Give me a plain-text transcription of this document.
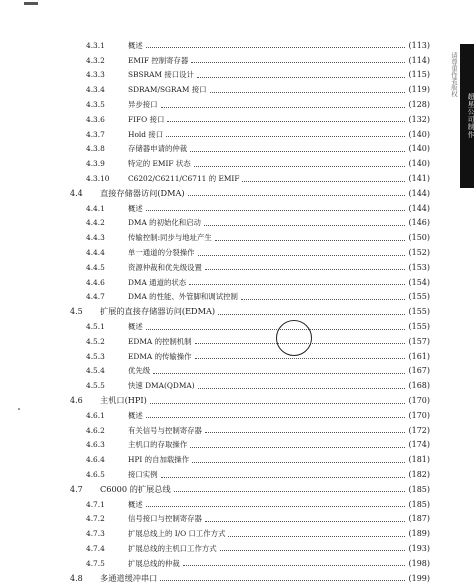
4.3.1	概述	(113)
4.3.2	EMIF 控制寄存器	(114)
4.3.3	SBSRAM 接口设计	(115)
4.3.4	SDRAM/SGRAM 接口	(119)
4.3.5	异步接口	(128)
4.3.6	FIFO 接口	(132)
4.3.7	Hold 接口	(140)
4.3.8	存储器申请的仲裁	(140)
4.3.9	特定的 EMIF 状态	(140)
4.3.10	C6202/C6211/C6711 的 EMIF	(141)
4.4	直接存储器访问(DMA)	(144)
4.4.1	概述	(144)
4.4.2	DMA 的初始化和启动	(146)
4.4.3	传输控制:同步与地址产生	(150)
4.4.4	单一通道的分裂操作	(152)
4.4.5	资源仲裁和优先级设置	(153)
4.4.6	DMA 通道的状态	(154)
4.4.7	DMA 的性能、外管脚和调试控制	(155)
4.5	扩展的直接存储器访问(EDMA)	(155)
4.5.1	概述	(155)
4.5.2	EDMA 的控制机制	(157)
4.5.3	EDMA 的传输操作	(161)
4.5.4	优先级	(167)
4.5.5	快速 DMA(QDMA)	(168)
4.6	主机口(HPI)	(170)
4.6.1	概述	(170)
4.6.2	有关信号与控制寄存器	(172)
4.6.3	主机口的存取操作	(174)
4.6.4	HPI 的自加载操作	(181)
4.6.5	接口实例	(182)
4.7	C6000 的扩展总线	(185)
4.7.1	概述	(185)
4.7.2	信号接口与控制寄存器	(187)
4.7.3	扩展总线上的 I/O 口工作方式	(189)
4.7.4	扩展总线的主机口工作方式	(193)
4.7.5	扩展总线的仲裁	(198)
4.8	多通道缓冲串口	(199)
超星公司制作
请尊重作者版权
